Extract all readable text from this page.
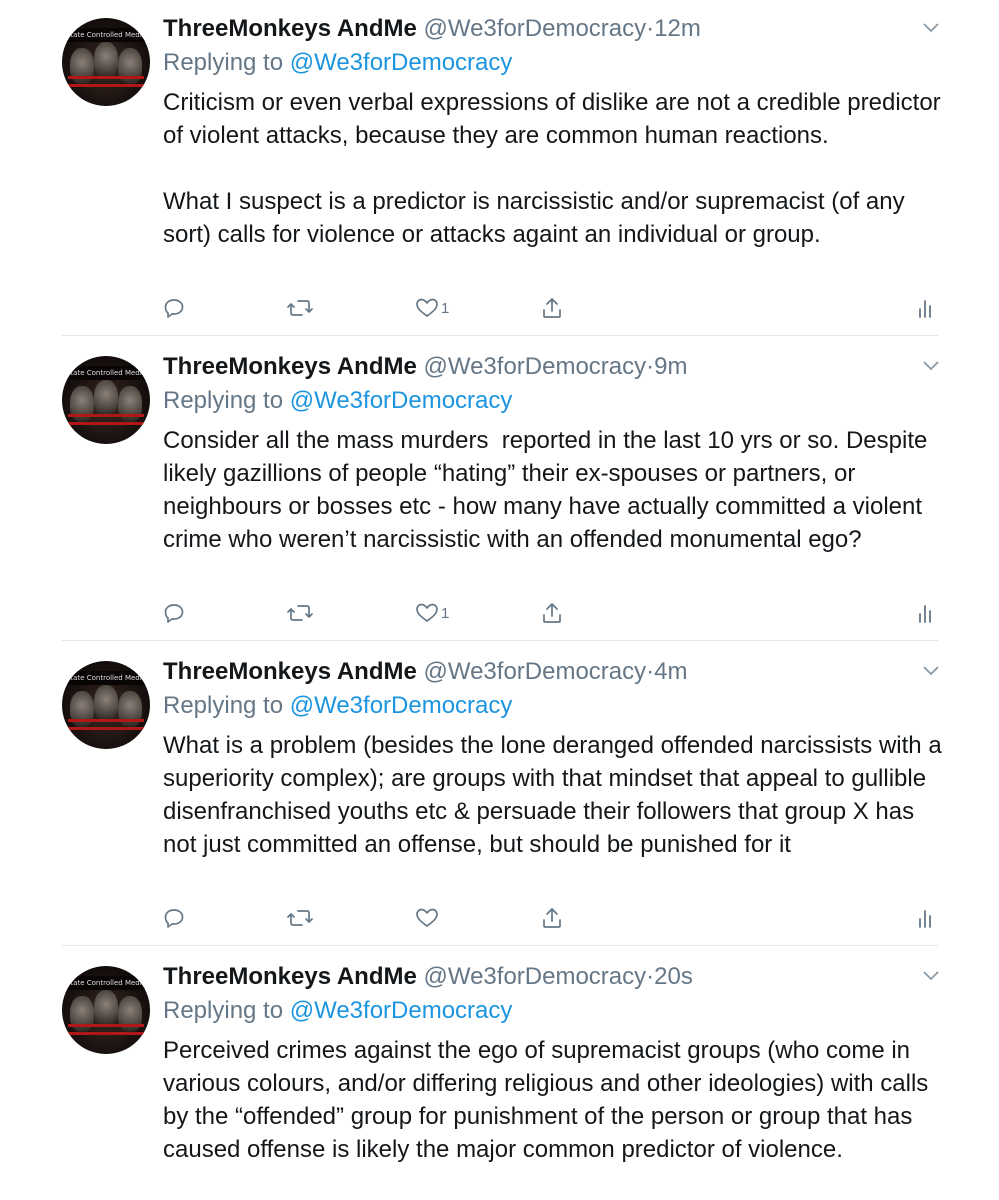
State Controlled Media ThreeMonkeys AndMe @We3forDemocracy·12m
Replying to @We3forDemocracy

Criticism or even verbal expressions of dislike are not a credible predictor of violent attacks, because they are common human reactions.

What I suspect is a predictor is narcissistic and/or supremacist (of any sort) calls for violence or attacks againt an individual or group.

1
State Controlled Media ThreeMonkeys AndMe @We3forDemocracy·9m
Replying to @We3forDemocracy

Consider all the mass murders  reported in the last 10 yrs or so. Despite likely gazillions of people “hating” their ex-spouses or partners, or neighbours or bosses etc - how many have actually committed a violent crime who weren’t narcissistic with an offended monumental ego?

1
State Controlled Media ThreeMonkeys AndMe @We3forDemocracy·4m
Replying to @We3forDemocracy

What is a problem (besides the lone deranged offended narcissists with a superiority complex); are groups with that mindset that appeal to gullible disenfranchised youths etc & persuade their followers that group X has not just committed an offense, but should be punished for it

State Controlled Media ThreeMonkeys AndMe @We3forDemocracy·20s
Replying to @We3forDemocracy

Perceived crimes against the ego of supremacist groups (who come in various colours, and/or differing religious and other ideologies) with calls by the “offended” group for punishment of the person or group that has caused offense is likely the major common predictor of violence.
